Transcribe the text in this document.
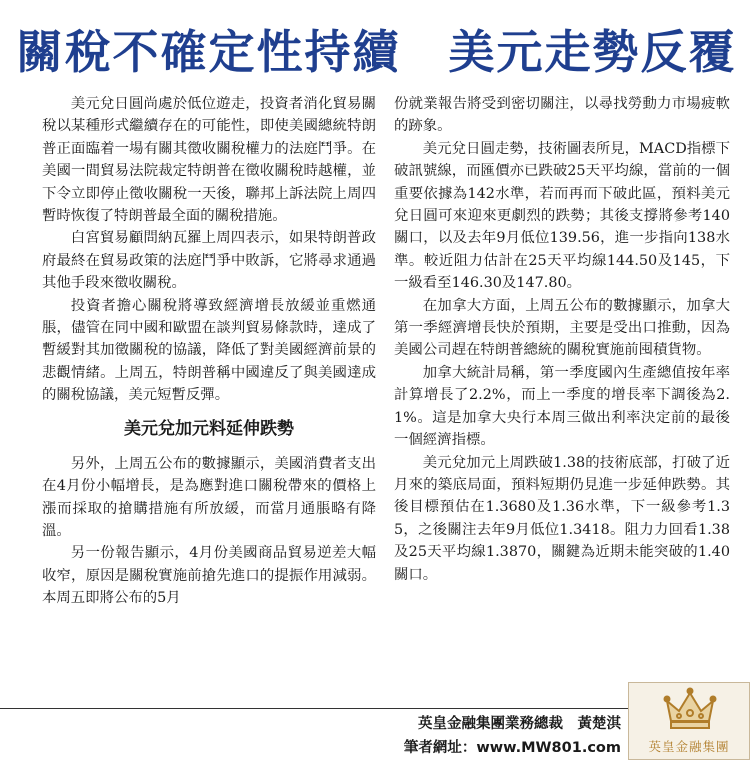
關稅不確定性持續　美元走勢反覆

美元兌日圓尚處於低位遊走，投資者消化貿易關稅以某種形式繼續存在的可能性，即使美國總統特朗普正面臨着一場有關其徵收關稅權力的法庭鬥爭。在美國一間貿易法院裁定特朗普在徵收關稅時越權，並下令立即停止徵收關稅一天後，聯邦上訴法院上周四暫時恢復了特朗普最全面的關稅措施。

白宮貿易顧問納瓦羅上周四表示，如果特朗普政府最終在貿易政策的法庭鬥爭中敗訴，它將尋求通過其他手段來徵收關稅。

投資者擔心關稅將導致經濟增長放緩並重燃通脹，儘管在同中國和歐盟在談判貿易條款時，達成了暫緩對其加徵關稅的協議，降低了對美國經濟前景的悲觀情緒。上周五，特朗普稱中國違反了與美國達成的關稅協議，美元短暫反彈。

美元兌加元料延伸跌勢

另外，上周五公布的數據顯示，美國消費者支出在4月份小幅增長，是為應對進口關稅帶來的價格上漲而採取的搶購措施有所放緩，而當月通脹略有降溫。

另一份報告顯示，4月份美國商品貿易逆差大幅收窄，原因是關稅實施前搶先進口的提振作用減弱。本周五即將公布的5月

份就業報告將受到密切關注，以尋找勞動力市場疲軟的跡象。

美元兌日圓走勢，技術圖表所見，MACD指標下破訊號線，而匯價亦已跌破25天平均線，當前的一個重要依據為142水準，若而再而下破此區，預料美元兌日圓可來迎來更劇烈的跌勢；其後支撐將參考140關口，以及去年9月低位139.56，進一步指向138水準。較近阻力估計在25天平均線144.50及145，下一級看至146.30及147.80。

在加拿大方面，上周五公布的數據顯示，加拿大第一季經濟增長快於預期，主要是受出口推動，因為美國公司趕在特朗普總統的關稅實施前囤積貨物。

加拿大統計局稱，第一季度國內生產總值按年率計算增長了2.2%，而上一季度的增長率下調後為2.1%。這是加拿大央行本周三做出利率決定前的最後一個經濟指標。

美元兌加元上周跌破1.38的技術底部，打破了近月來的築底局面，預料短期仍見進一步延伸跌勢。其後目標預估在1.3680及1.36水準，下一級參考1.35，之後關注去年9月低位1.3418。阻力力回看1.38及25天平均線1.3870，關鍵為近期未能突破的1.40關口。

英皇金融集團業務總裁　黃楚淇
筆者網址：www.MW801.com	英皇金融集團
